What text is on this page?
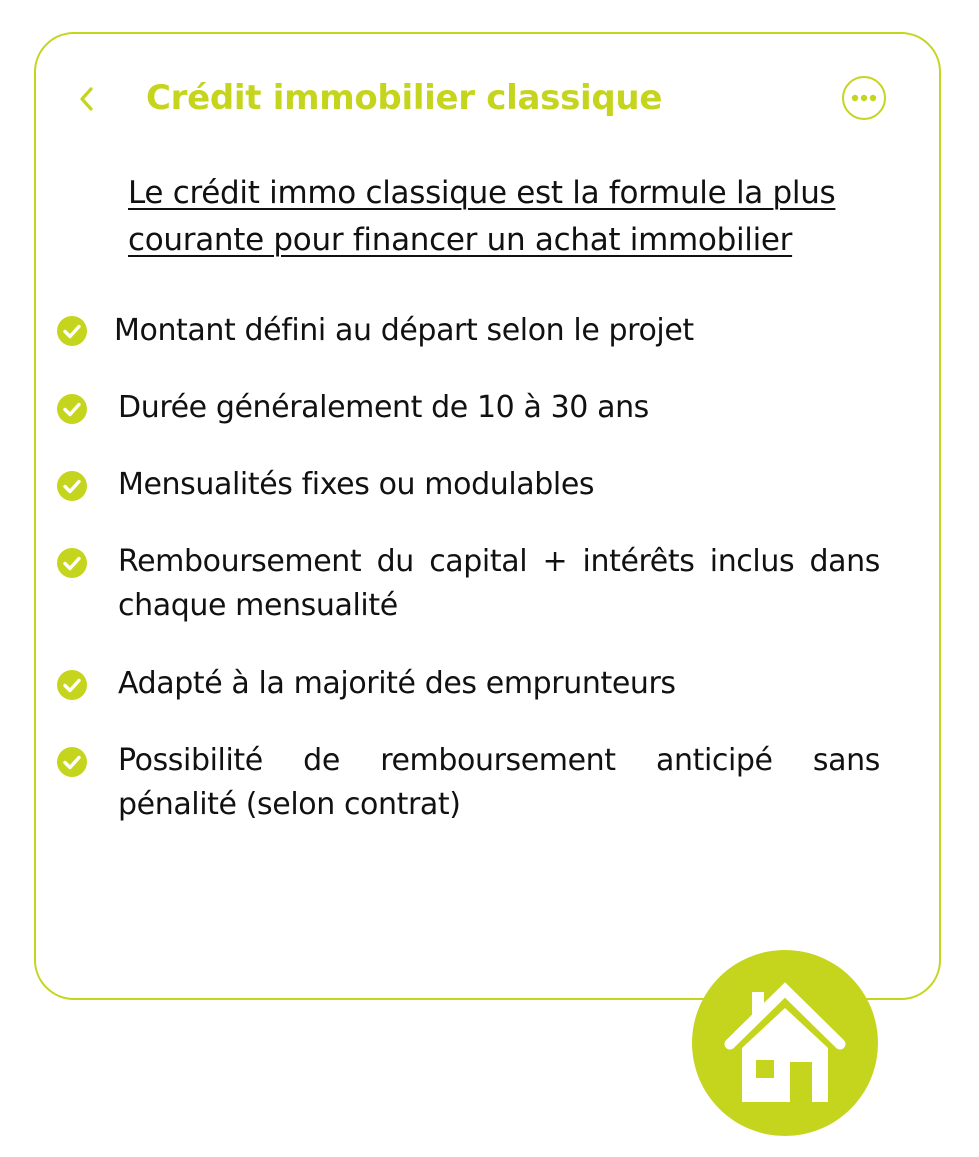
Crédit immobilier classique
Le crédit immo classique est la formule la plus courante pour financer un achat immobilier
Montant défini au départ selon le projet
Durée généralement de 10 à 30 ans
Mensualités fixes ou modulables
Remboursement du capital + intérêts inclus dans chaque mensualité
Adapté à la majorité des emprunteurs
Possibilité de remboursement anticipé sans pénalité (selon contrat)
